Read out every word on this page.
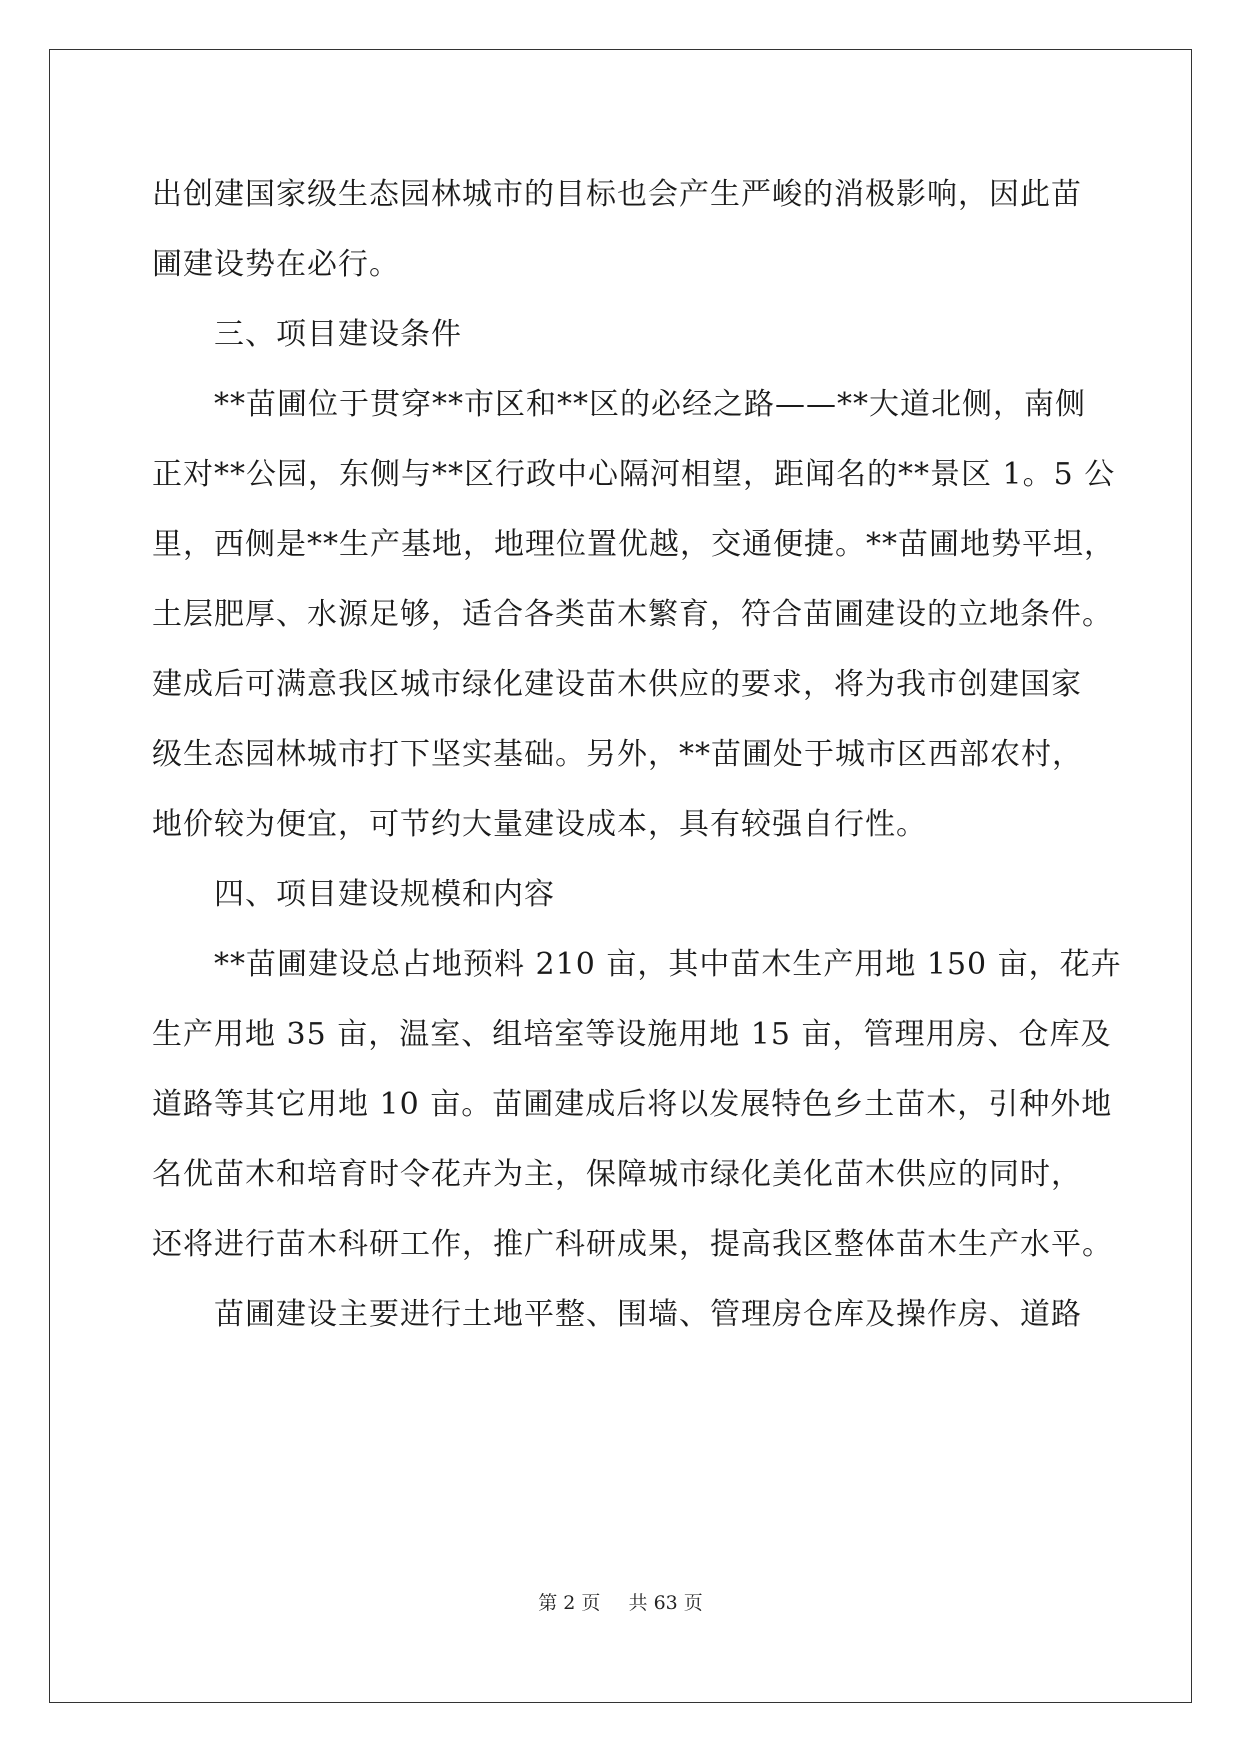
出创建国家级生态园林城市的目标也会产生严峻的消极影响，因此苗
圃建设势在必行。
三、项目建设条件
**苗圃位于贯穿**市区和**区的必经之路——**大道北侧，南侧
正对**公园，东侧与**区行政中心隔河相望，距闻名的**景区 1。5 公
里，西侧是**生产基地，地理位置优越，交通便捷。**苗圃地势平坦，
土层肥厚、水源足够，适合各类苗木繁育，符合苗圃建设的立地条件。
建成后可满意我区城市绿化建设苗木供应的要求，将为我市创建国家
级生态园林城市打下坚实基础。另外，**苗圃处于城市区西部农村，
地价较为便宜，可节约大量建设成本，具有较强自行性。
四、项目建设规模和内容
**苗圃建设总占地预料 210 亩，其中苗木生产用地 150 亩，花卉
生产用地 35 亩，温室、组培室等设施用地 15 亩，管理用房、仓库及
道路等其它用地 10 亩。苗圃建成后将以发展特色乡土苗木，引种外地
名优苗木和培育时令花卉为主，保障城市绿化美化苗木供应的同时，
还将进行苗木科研工作，推广科研成果，提高我区整体苗木生产水平。
苗圃建设主要进行土地平整、围墙、管理房仓库及操作房、道路
第 2 页 共 63 页
